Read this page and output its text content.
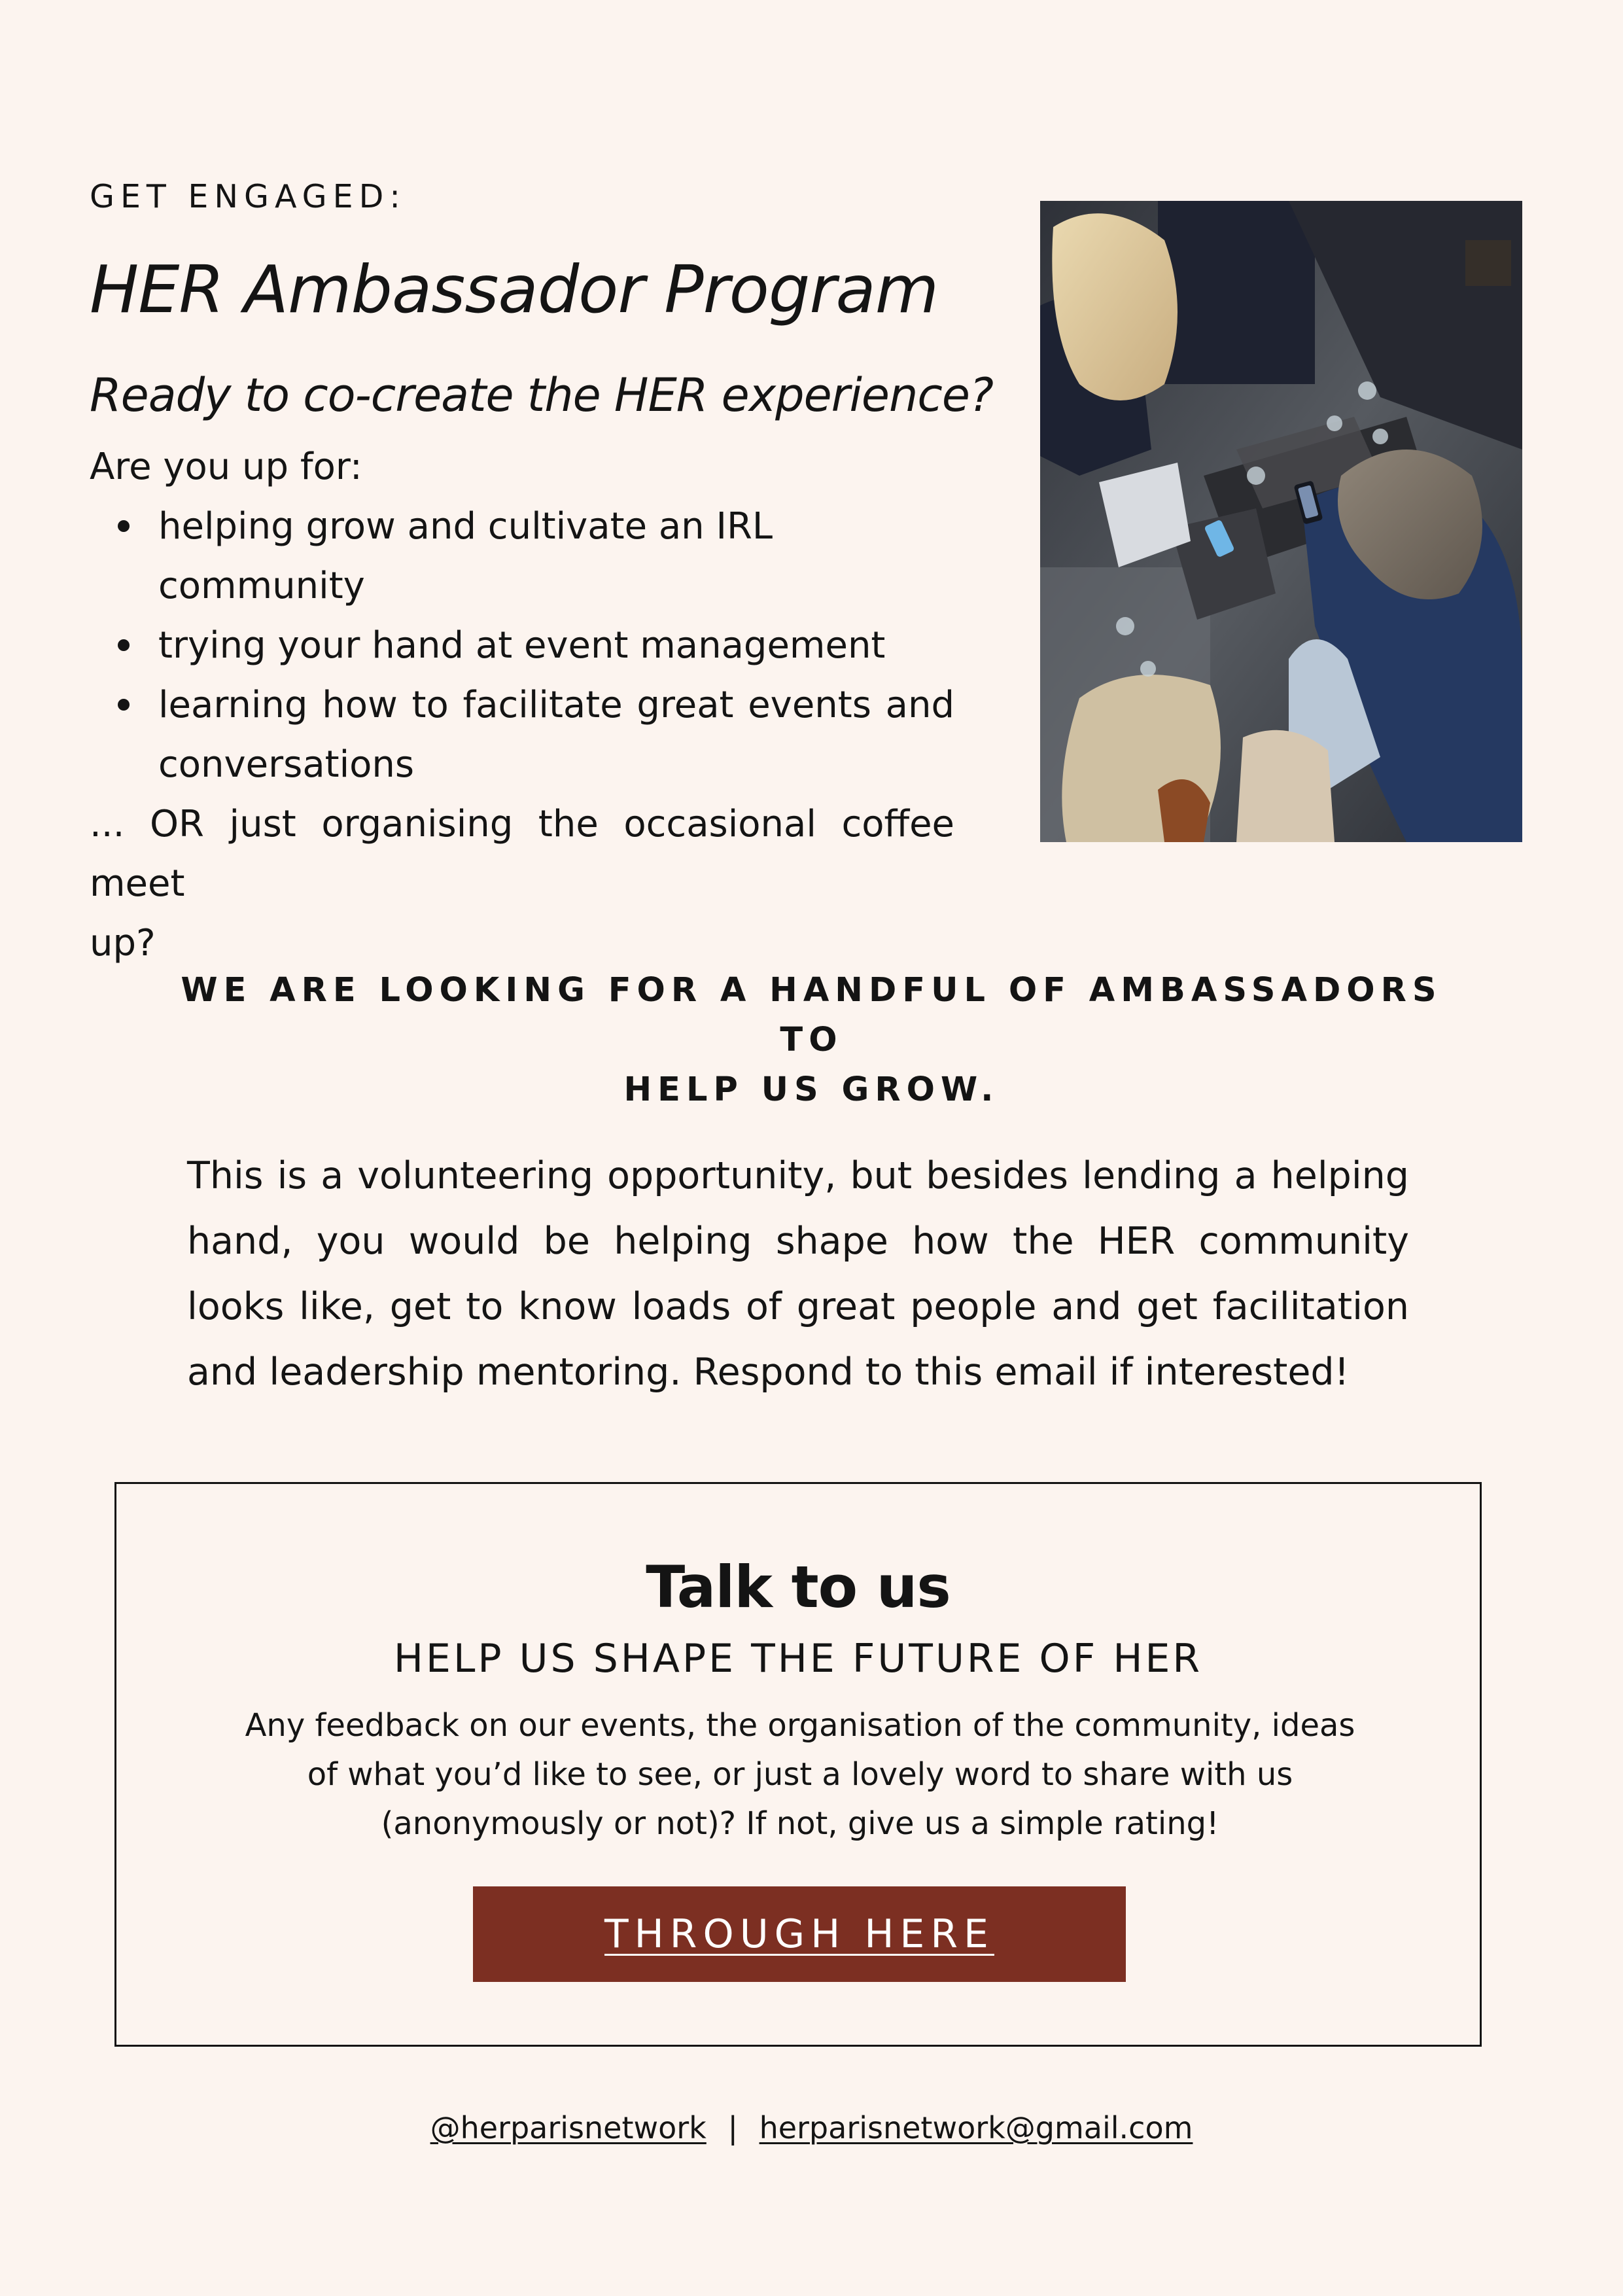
GET ENGAGED:
HER Ambassador Program
Ready to co-create the HER experience?
Are you up for:
helping grow and cultivate an IRL community
trying your hand at event management
learning how to facilitate great events and
conversations
... OR just organising the occasional coffee meet
up?
WE ARE LOOKING FOR A HANDFUL OF AMBASSADORS TO
HELP US GROW.
This is a volunteering opportunity, but besides lending a helping hand, you would be helping shape how the HER community looks like, get to know loads of great people and get facilitation and leadership mentoring. Respond to this email if interested!
Talk to us
HELP US SHAPE THE FUTURE OF HER
Any feedback on our events, the organisation of the community, ideas
of what you’d like to see, or just a lovely word to share with us
(anonymously or not)? If not, give us a simple rating!
THROUGH HERE
@herparisnetwork | herparisnetwork@gmail.com
